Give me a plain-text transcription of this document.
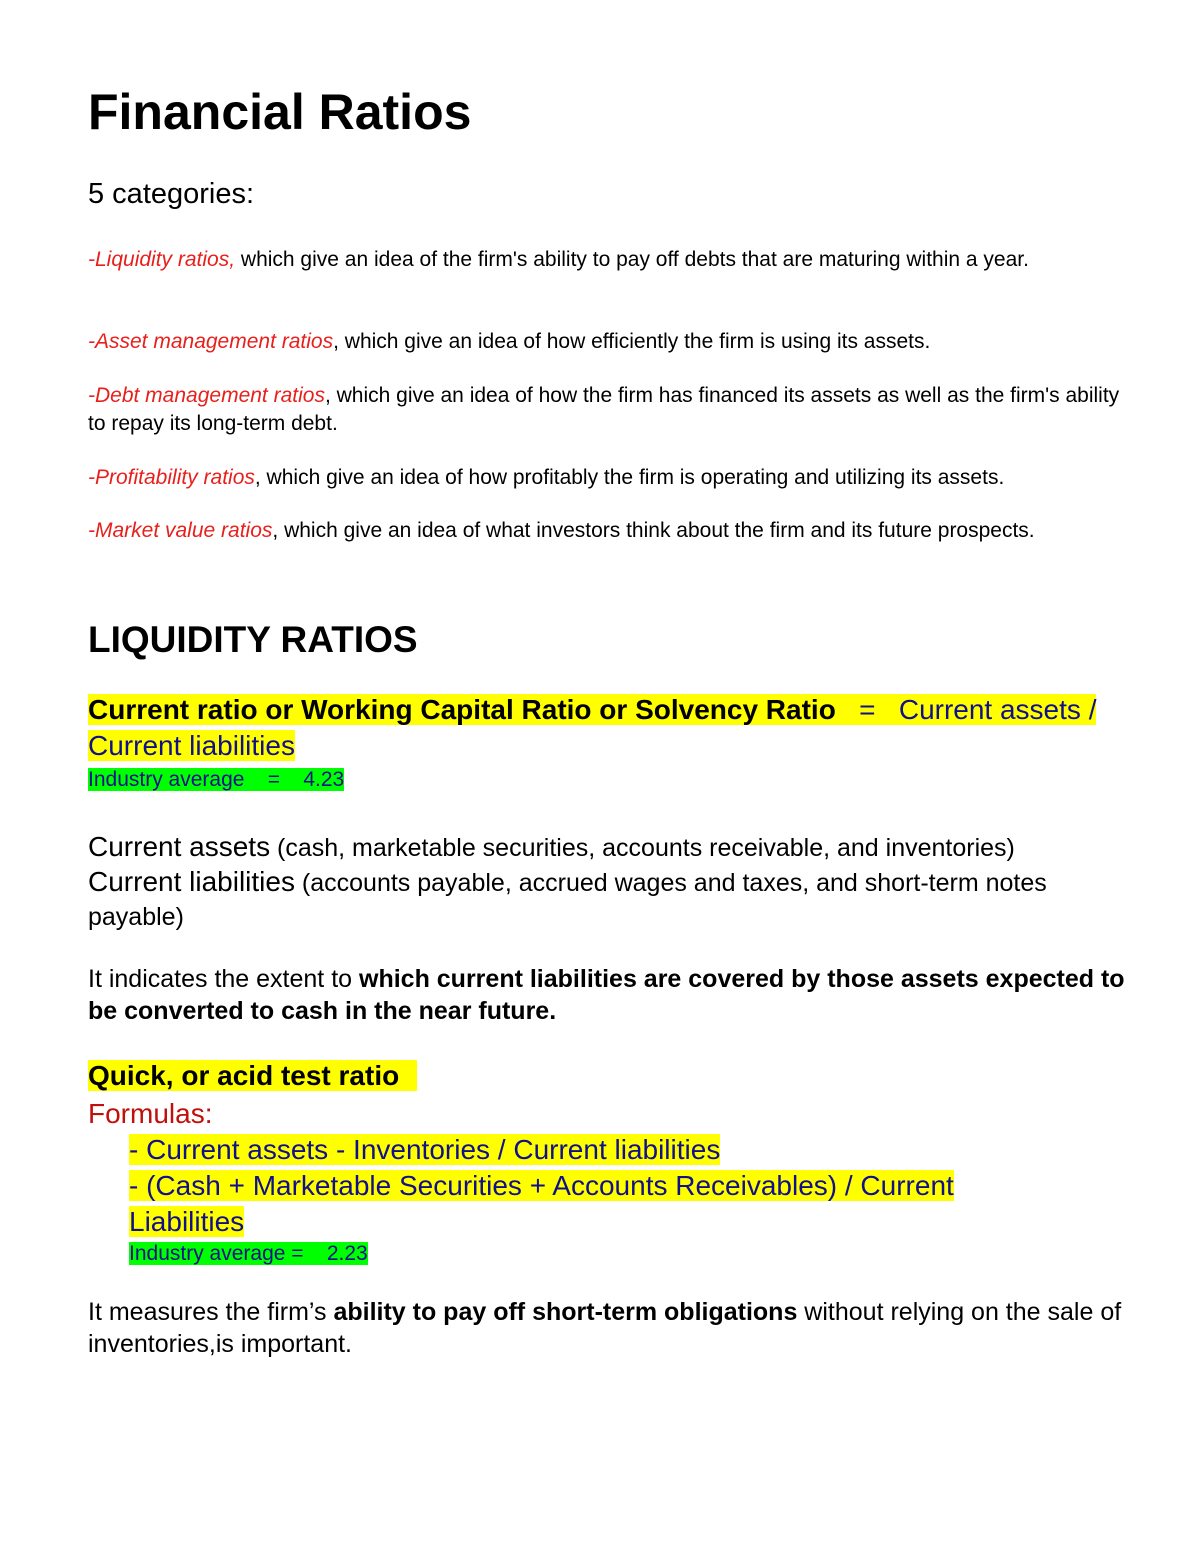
Financial Ratios

5 categories:

-Liquidity ratios, which give an idea of the firm's ability to pay off debts that are maturing within a year.

-Asset management ratios, which give an idea of how efficiently the firm is using its assets.

-Debt management ratios, which give an idea of how the firm has financed its assets as well as the firm's ability to repay its long-term debt.

-Profitability ratios, which give an idea of how profitably the firm is operating and utilizing its assets.

-Market value ratios, which give an idea of what investors think about the firm and its future prospects.

LIQUIDITY RATIOS

Current ratio or Working Capital Ratio or Solvency Ratio   =   Current assets / Current liabilities

Industry average    =    4.23

Current assets (cash, marketable securities, accounts receivable, and inventories)
Current liabilities (accounts payable, accrued wages and taxes, and short-term notes payable)

It indicates the extent to which current liabilities are covered by those assets expected to be converted to cash in the near future.

Quick, or acid test ratio

Formulas:

- Current assets - Inventories / Current liabilities

- (Cash + Marketable Securities + Accounts Receivables) / Current Liabilities

Industry average =    2.23

It measures the firm’s ability to pay off short-term obligations without relying on the sale of inventories,is important.
